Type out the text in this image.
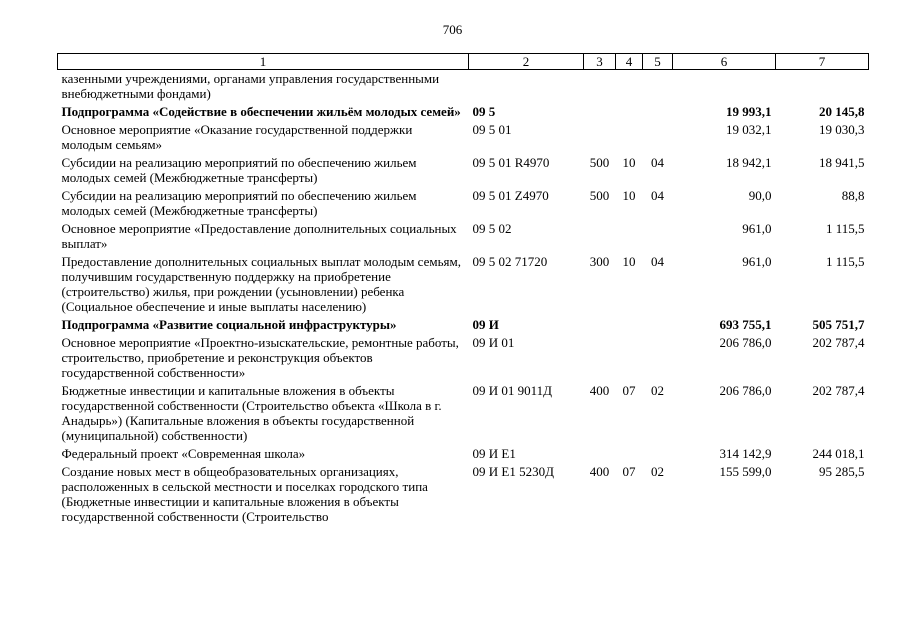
706
1	2	3	4	5	6	7
казенными учреждениями, органами управления государственными внебюджетными фондами)						
Подпрограмма «Содействие в обеспечении жильём молодых семей»	09 5				19 993,1	20 145,8
Основное мероприятие «Оказание государственной поддержки молодым семьям»	09 5 01				19 032,1	19 030,3
Субсидии на реализацию мероприятий по обеспечению жильем молодых семей (Межбюджетные трансферты)	09 5 01 R4970	500	10	04	18 942,1	18 941,5
Субсидии на реализацию мероприятий по обеспечению жильем молодых семей (Межбюджетные трансферты)	09 5 01 Z4970	500	10	04	90,0	88,8
Основное мероприятие «Предоставление дополнительных социальных выплат»	09 5 02				961,0	1 115,5
Предоставление дополнительных социальных выплат молодым семьям, получившим государственную поддержку на приобретение (строительство) жилья, при рождении (усыновлении) ребенка (Социальное обеспечение и иные выплаты населению)	09 5 02 71720	300	10	04	961,0	1 115,5
Подпрограмма «Развитие социальной инфраструктуры»	09 И				693 755,1	505 751,7
Основное мероприятие «Проектно-изыскательские, ремонтные работы, строительство, приобретение и реконструкция объектов государственной собственности»	09 И 01				206 786,0	202 787,4
Бюджетные инвестиции и капитальные вложения в объекты государственной собственности (Строительство объекта «Школа в г. Анадырь») (Капитальные вложения в объекты государственной (муниципальной) собственности)	09 И 01 9011Д	400	07	02	206 786,0	202 787,4
Федеральный проект «Современная школа»	09 И Е1				314 142,9	244 018,1
Создание новых мест в общеобразовательных организациях, расположенных в сельской местности и поселках городского типа (Бюджетные инвестиции и капитальные вложения в объекты государственной собственности (Строительство	09 И Е1 5230Д	400	07	02	155 599,0	95 285,5
